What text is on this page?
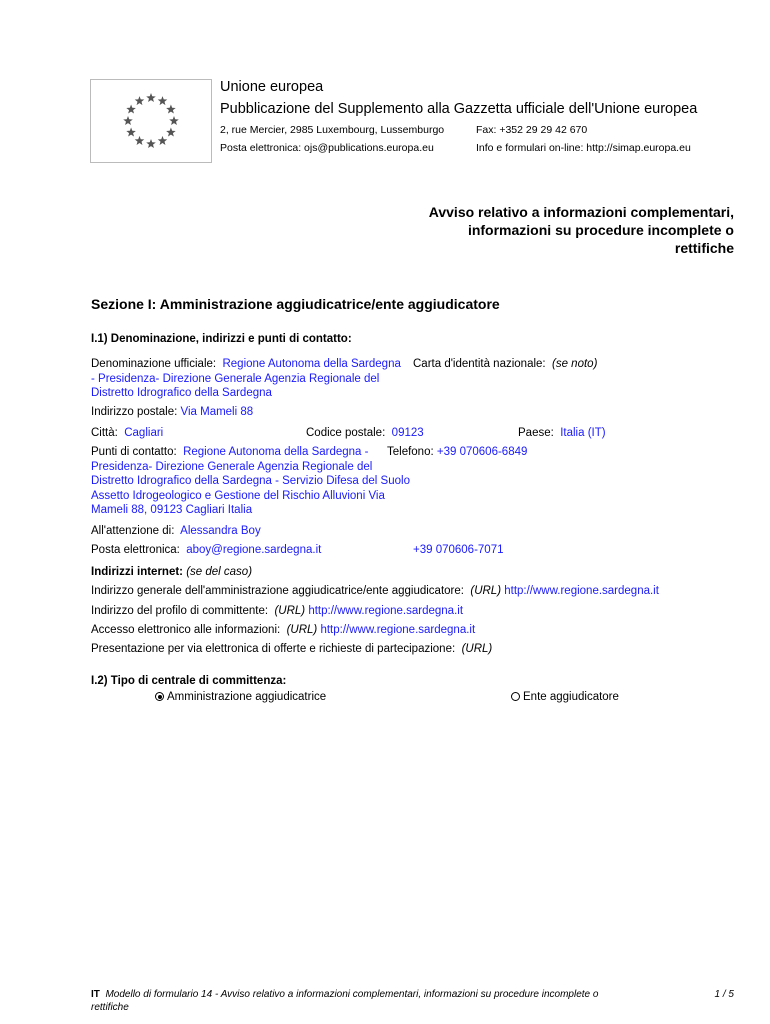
Unione europea
Pubblicazione del Supplemento alla Gazzetta ufficiale dell'Unione europea
2, rue Mercier, 2985 Luxembourg, Lussemburgo	Fax: +352 29 29 42 670
Posta elettronica: ojs@publications.europa.eu	Info e formulari on-line: http://simap.europa.eu
Avviso relativo a informazioni complementari, informazioni su procedure incomplete o rettifiche
Sezione I: Amministrazione aggiudicatrice/ente aggiudicatore
I.1) Denominazione, indirizzi e punti di contatto:
Denominazione ufficiale: Regione Autonoma della Sardegna - Presidenza- Direzione Generale Agenzia Regionale del Distretto Idrografico della Sardegna
Carta d'identità nazionale: (se noto)
Indirizzo postale: Via Mameli 88
Città: Cagliari	Codice postale: 09123	Paese: Italia (IT)
Punti di contatto: Regione Autonoma della Sardegna - Presidenza- Direzione Generale Agenzia Regionale del Distretto Idrografico della Sardegna - Servizio Difesa del Suolo Assetto Idrogeologico e Gestione del Rischio Alluvioni Via Mameli 88, 09123 Cagliari Italia
Telefono: +39 070606-6849
All'attenzione di: Alessandra Boy
Posta elettronica: aboy@regione.sardegna.it	+39 070606-7071
Indirizzi internet: (se del caso)
Indirizzo generale dell'amministrazione aggiudicatrice/ente aggiudicatore: (URL) http://www.regione.sardegna.it
Indirizzo del profilo di committente: (URL) http://www.regione.sardegna.it
Accesso elettronico alle informazioni: (URL) http://www.regione.sardegna.it
Presentazione per via elettronica di offerte e richieste di partecipazione: (URL)
I.2) Tipo di centrale di committenza:
Amministrazione aggiudicatrice	Ente aggiudicatore
IT Modello di formulario 14 - Avviso relativo a informazioni complementari, informazioni su procedure incomplete o rettifiche
1 / 5
